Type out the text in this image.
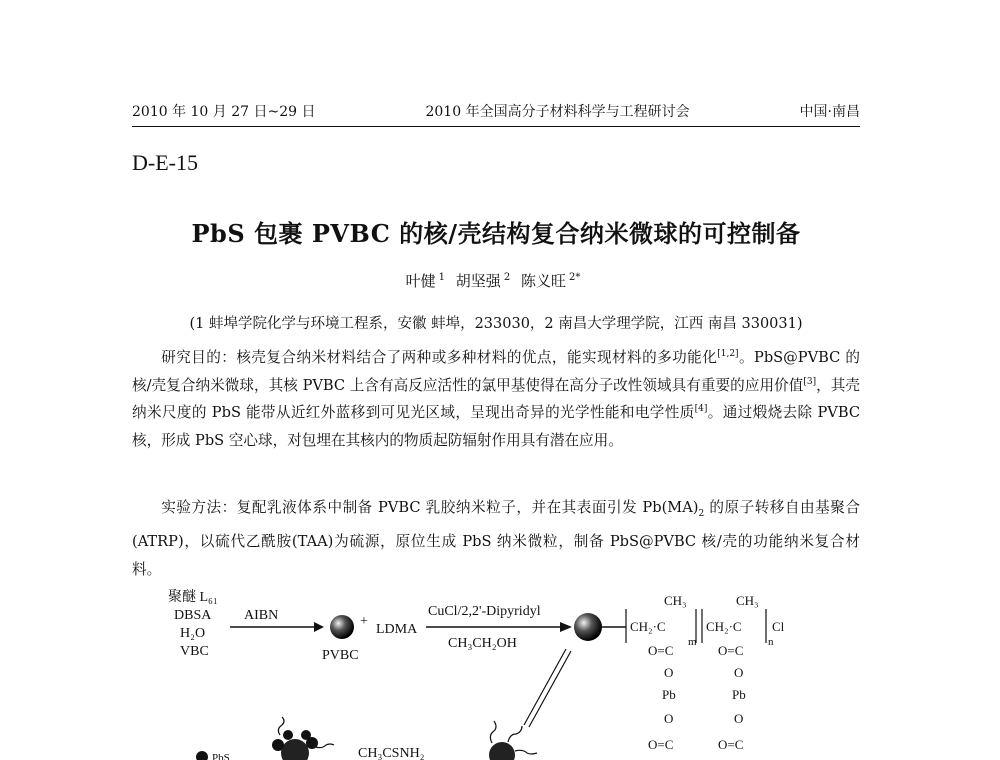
2010 年 10 月 27 日~29 日	2010 年全国高分子材料科学与工程研讨会	中国·南昌
D-E-15
PbS 包裹 PVBC 的核/壳结构复合纳米微球的可控制备
叶健 $^1$ 胡坚强 $^2$ 陈义旺 $^{2*}$
(1 蚌埠学院化学与环境工程系，安徽 蚌埠，233030，2 南昌大学理学院，江西 南昌 330031)
研究目的：核壳复合纳米材料结合了两种或多种材料的优点，能实现材料的多功能化[1,2]。PbS@PVBC 的核/壳复合纳米微球，其核 PVBC 上含有高反应活性的氯甲基使得在高分子改性领域具有重要的应用价值[3]，其壳纳米尺度的 PbS 能带从近红外蓝移到可见光区域，呈现出奇异的光学性能和电学性质[4]。通过煅烧去除 PVBC 核，形成 PbS 空心球，对包埋在其核内的物质起防辐射作用具有潜在应用。
实验方法：复配乳液体系中制备 PVBC 乳胶纳米粒子，并在其表面引发 $Pb(MA)_2$ 的原子转移自由基聚合(ATRP)，以硫代乙酰胺(TAA)为硫源，原位生成 PbS 纳米微粒，制备 PbS@PVBC 核/壳的功能纳米复合材料。
聚醚 L₆₁
DBSA
H₂O
VBC
AIBN	+
PVBC
LDMA
CuCl/2,2'-Dipyridyl
CH₃CH₂OH
CH₃
CH₂·C
m
CH₃
CH₂·C
n
Cl
O=C	O=C
O	O
Pb	Pb
O	O
O=C	O=C
PbS	CH₃CSNH₂
